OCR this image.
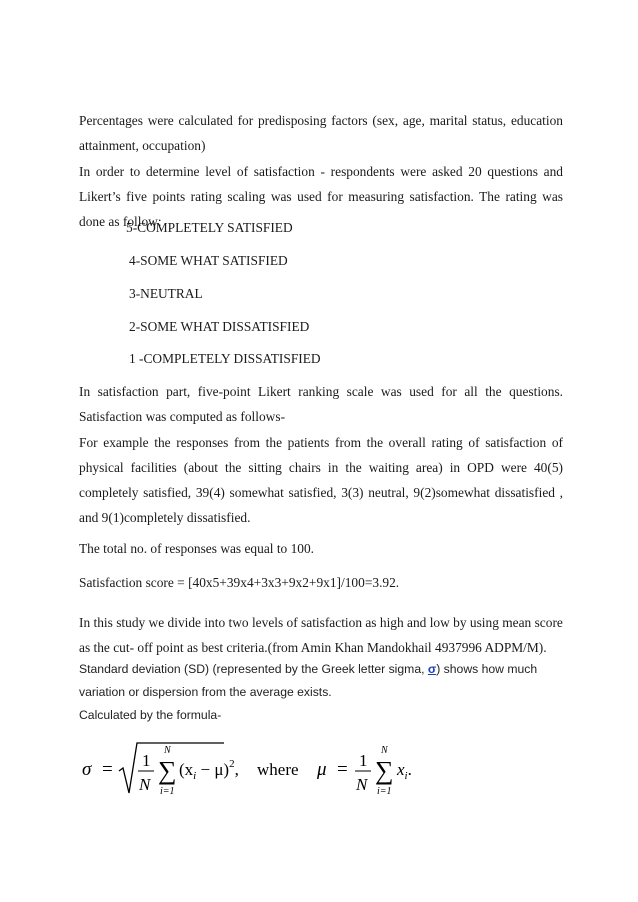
Percentages were calculated for predisposing factors (sex, age, marital status, education attainment, occupation)

In order to determine level of satisfaction - respondents were asked 20 questions and Likert’s five points rating scaling was used for measuring satisfaction. The rating was done as follow:

5-COMPLETELY SATISFIED

4-SOME WHAT SATISFIED

3-NEUTRAL

2-SOME WHAT DISSATISFIED

1 -COMPLETELY DISSATISFIED

In satisfaction part, five-point Likert ranking scale was used for all the questions. Satisfaction was computed as follows-

For example the responses from the patients from the overall rating of satisfaction of physical facilities (about the sitting chairs in the waiting area) in OPD were 40(5) completely satisfied, 39(4) somewhat satisfied, 3(3) neutral, 9(2)somewhat dissatisfied , and 9(1)completely dissatisfied.

The total no. of responses was equal to 100.

Satisfaction score = [40x5+39x4+3x3+9x2+9x1]/100=3.92.

In this study we divide into two levels of satisfaction as high and low by using mean score as the cut- off point as best criteria.(from Amin Khan Mandokhail 4937996 ADPM/M).

Standard deviation (SD) (represented by the Greek letter sigma, σ) shows how much variation or dispersion from the average exists.

Calculated by the formula-

σ = 1
N
N
∑
i=1
$(x_i - \mu)^2$, where μ = 1
N
N
∑
i=1
$x_i$.
